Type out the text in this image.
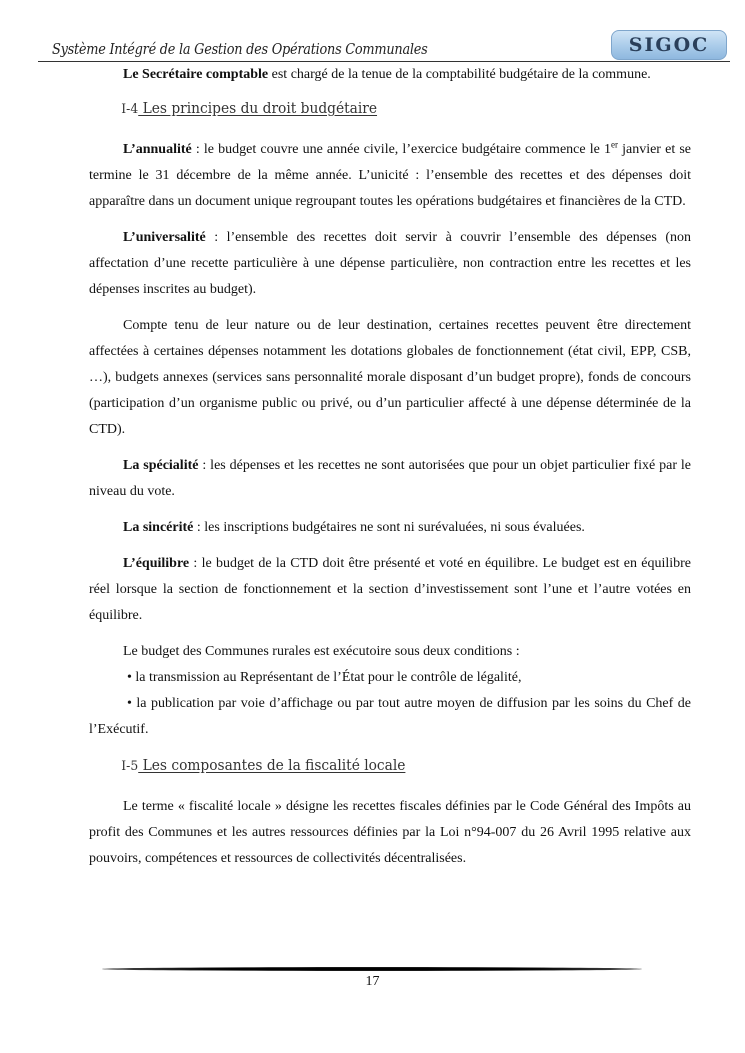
Système Intégré de la Gestion des Opérations Communales	SIGOC

Le Secrétaire comptable est chargé de la tenue de la comptabilité budgétaire de la commune.

I-4 Les principes du droit budgétaire

L’annualité : le budget couvre une année civile, l’exercice budgétaire commence le 1er janvier et se termine le 31 décembre de la même année. L’unicité : l’ensemble des recettes et des dépenses doit apparaître dans un document unique regroupant toutes les opérations budgétaires et financières de la CTD.

L’universalité : l’ensemble des recettes doit servir à couvrir l’ensemble des dépenses (non affectation d’une recette particulière à une dépense particulière, non contraction entre les recettes et les dépenses inscrites au budget).

Compte tenu de leur nature ou de leur destination, certaines recettes peuvent être directement affectées à certaines dépenses notamment les dotations globales de fonctionnement (état civil, EPP, CSB, …), budgets annexes (services sans personnalité morale disposant d’un budget propre), fonds de concours (participation d’un organisme public ou privé, ou d’un particulier affecté à une dépense déterminée de la CTD).

La spécialité : les dépenses et les recettes ne sont autorisées que pour un objet particulier fixé par le niveau du vote.

La sincérité : les inscriptions budgétaires ne sont ni surévaluées, ni sous évaluées.

L’équilibre : le budget de la CTD doit être présenté et voté en équilibre. Le budget est en équilibre réel lorsque la section de fonctionnement et la section d’investissement sont l’une et l’autre votées en équilibre.

Le budget des Communes rurales est exécutoire sous deux conditions :

• la transmission au Représentant de l’État pour le contrôle de légalité,

• la publication par voie d’affichage ou par tout autre moyen de diffusion par les soins du Chef de l’Exécutif.

I-5 Les composantes de la fiscalité locale

Le terme « fiscalité locale » désigne les recettes fiscales définies par le Code Général des Impôts au profit des Communes et les autres ressources définies par la Loi n°94-007 du 26 Avril 1995 relative aux pouvoirs, compétences et ressources de collectivités décentralisées.

17
